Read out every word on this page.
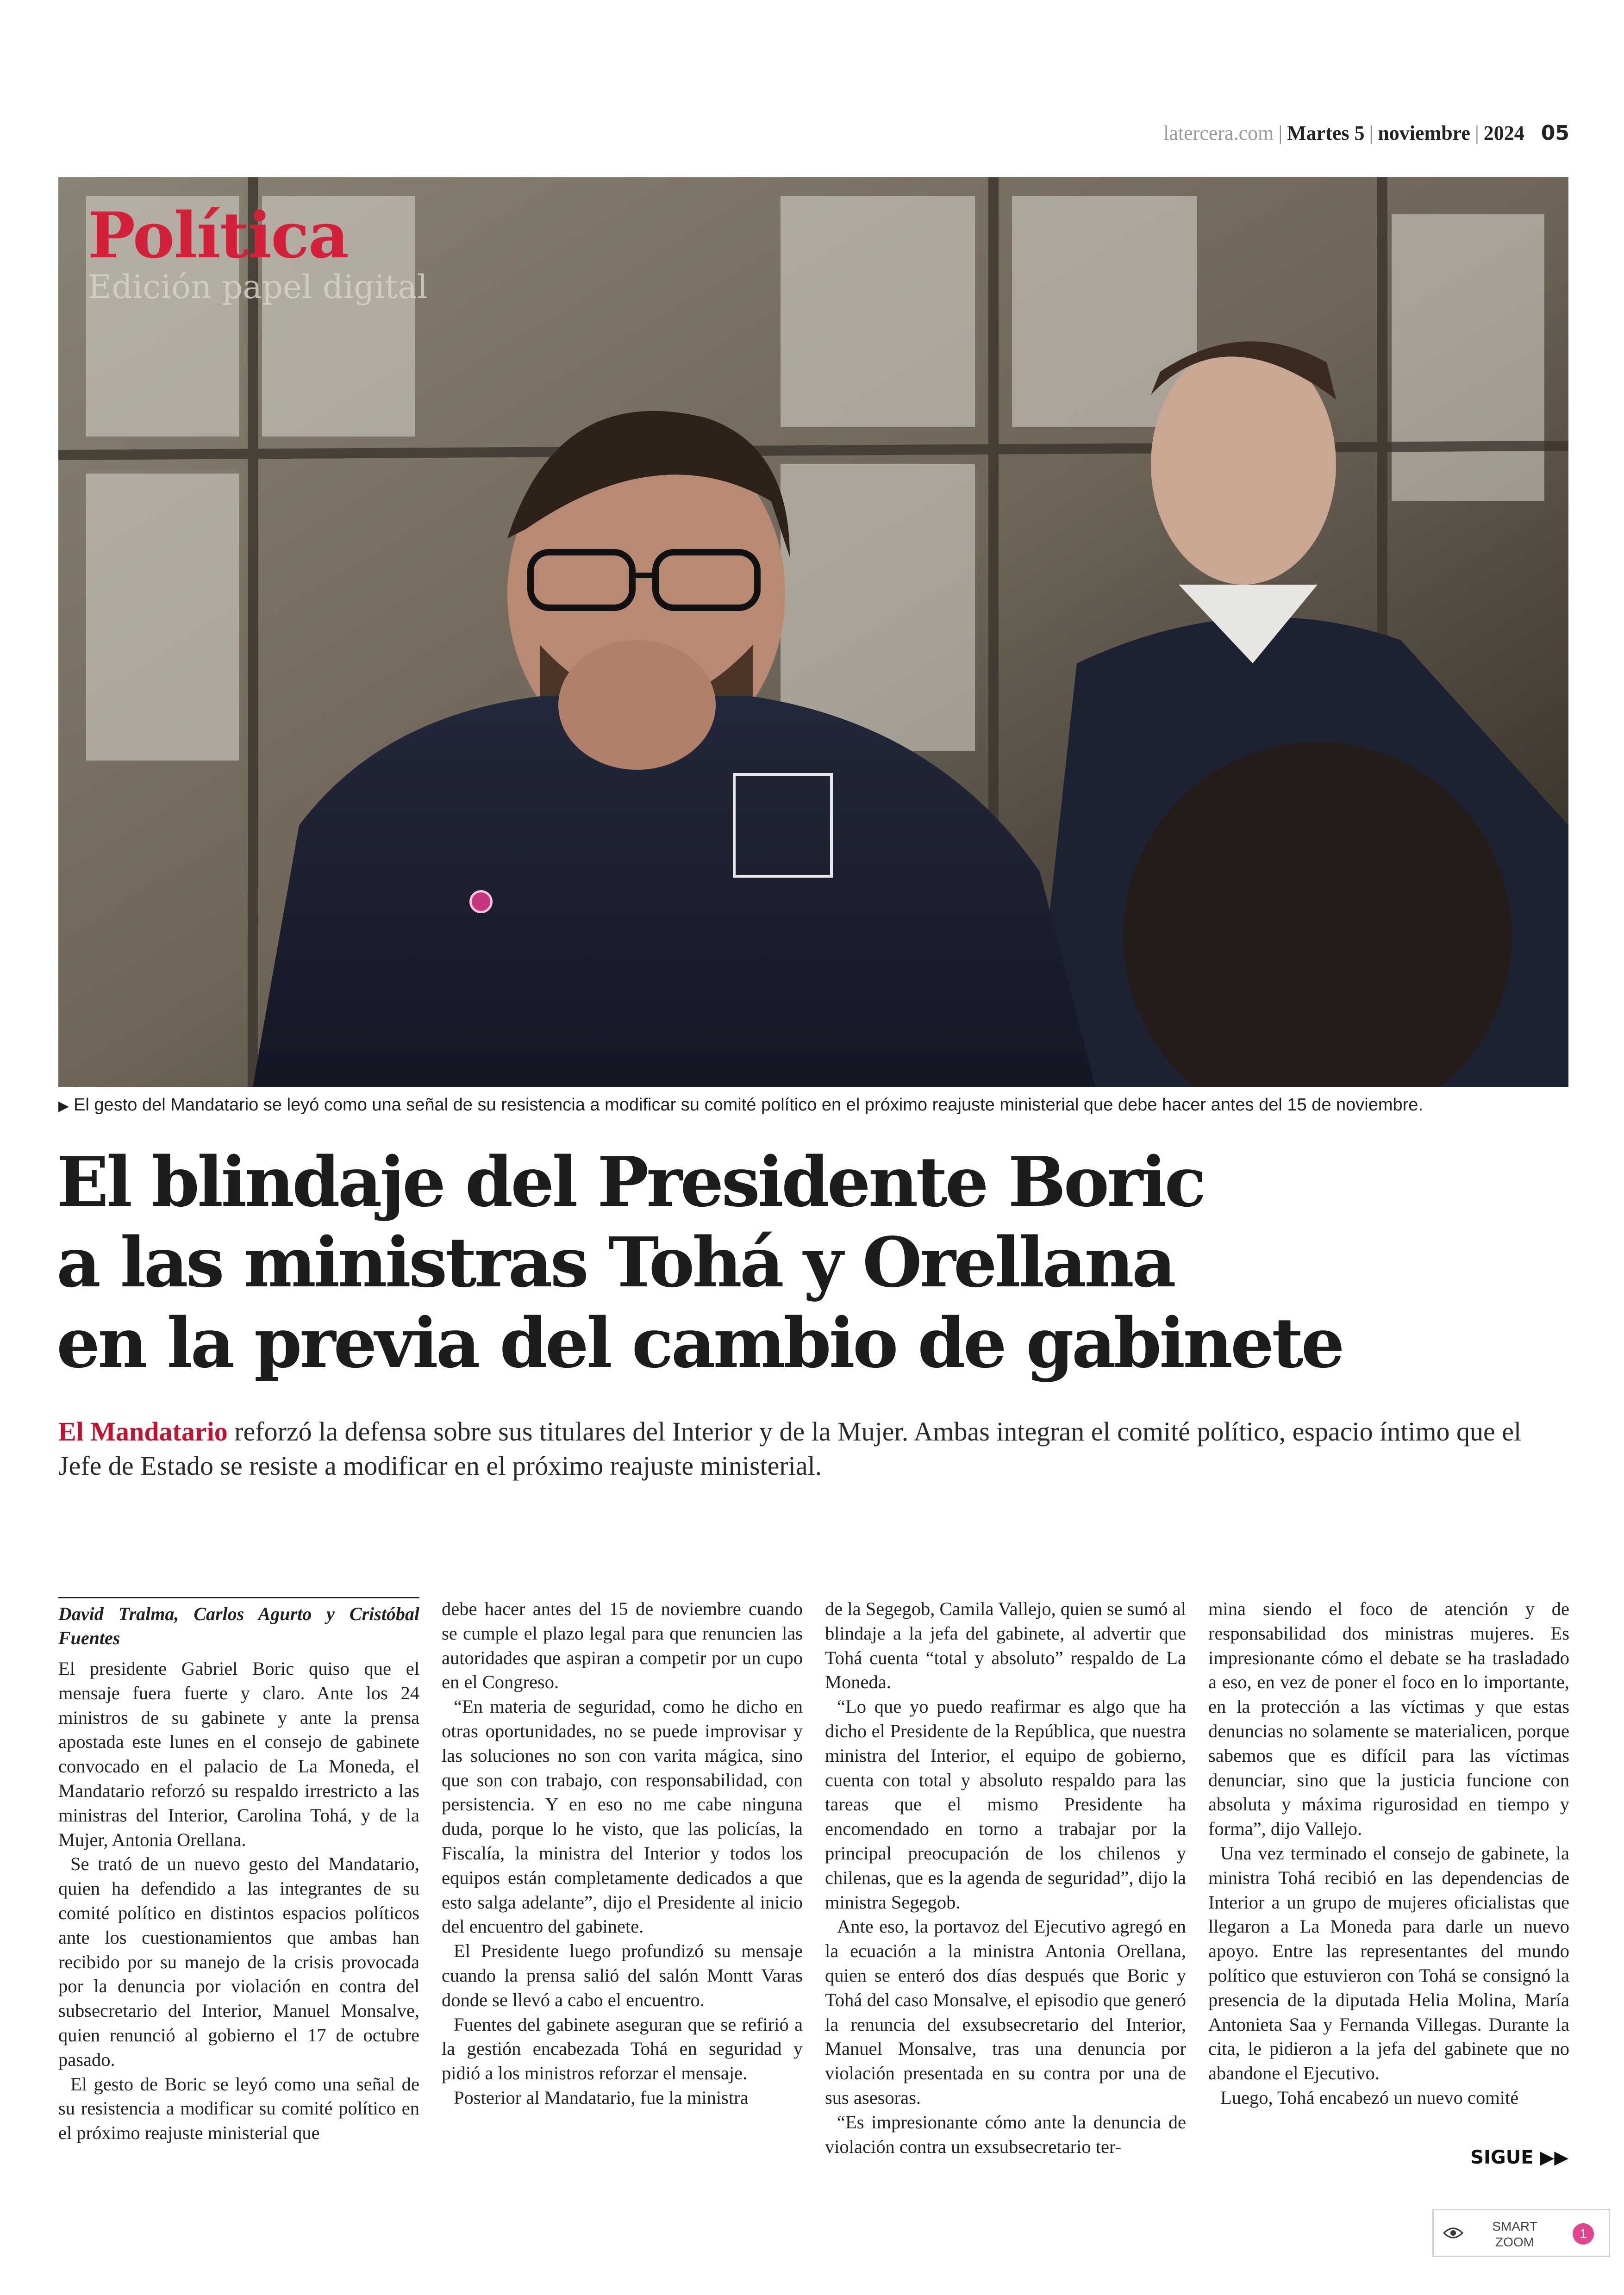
latercera.com | Martes 5 | noviembre | 2024 05
Política
Edición papel digital
▶ El gesto del Mandatario se leyó como una señal de su resistencia a modificar su comité político en el próximo reajuste ministerial que debe hacer antes del 15 de noviembre.
El blindaje del Presidente Boric
a las ministras Tohá y Orellana
en la previa del cambio de gabinete
El Mandatario reforzó la defensa sobre sus titulares del Interior y de la Mujer. Ambas integran el comité político, espacio íntimo que el Jefe de Estado se resiste a modificar en el próximo reajuste ministerial.
David Tralma, Carlos Agurto y Cristóbal Fuentes

El presidente Gabriel Boric quiso que el mensaje fuera fuerte y claro. Ante los 24 ministros de su gabinete y ante la prensa apostada este lunes en el consejo de gabinete convocado en el palacio de La Moneda, el Mandatario reforzó su respaldo irrestricto a las ministras del Interior, Carolina Tohá, y de la Mujer, Antonia Orellana.

Se trató de un nuevo gesto del Mandatario, quien ha defendido a las integrantes de su comité político en distintos espacios políticos ante los cuestionamientos que ambas han recibido por su manejo de la crisis provocada por la denuncia por violación en contra del subsecretario del Interior, Manuel Monsalve, quien renunció al gobierno el 17 de octubre pasado.

El gesto de Boric se leyó como una señal de su resistencia a modificar su comité político en el próximo reajuste ministerial que

debe hacer antes del 15 de noviembre cuando se cumple el plazo legal para que renuncien las autoridades que aspiran a competir por un cupo en el Congreso.

“En materia de seguridad, como he dicho en otras oportunidades, no se puede improvisar y las soluciones no son con varita mágica, sino que son con trabajo, con responsabilidad, con persistencia. Y en eso no me cabe ninguna duda, porque lo he visto, que las policías, la Fiscalía, la ministra del Interior y todos los equipos están completamente dedicados a que esto salga adelante”, dijo el Presidente al inicio del encuentro del gabinete.

El Presidente luego profundizó su mensaje cuando la prensa salió del salón Montt Varas donde se llevó a cabo el encuentro.

Fuentes del gabinete aseguran que se refirió a la gestión encabezada Tohá en seguridad y pidió a los ministros reforzar el mensaje.

Posterior al Mandatario, fue la ministra

de la Segegob, Camila Vallejo, quien se sumó al blindaje a la jefa del gabinete, al advertir que Tohá cuenta “total y absoluto” respaldo de La Moneda.

“Lo que yo puedo reafirmar es algo que ha dicho el Presidente de la República, que nuestra ministra del Interior, el equipo de gobierno, cuenta con total y absoluto respaldo para las tareas que el mismo Presidente ha encomendado en torno a trabajar por la principal preocupación de los chilenos y chilenas, que es la agenda de seguridad”, dijo la ministra Segegob.

Ante eso, la portavoz del Ejecutivo agregó en la ecuación a la ministra Antonia Orellana, quien se enteró dos días después que Boric y Tohá del caso Monsalve, el episodio que generó la renuncia del exsubsecretario del Interior, Manuel Monsalve, tras una denuncia por violación presentada en su contra por una de sus asesoras.

“Es impresionante cómo ante la denuncia de violación contra un exsubsecretario ter-

mina siendo el foco de atención y de responsabilidad dos ministras mujeres. Es impresionante cómo el debate se ha trasladado a eso, en vez de poner el foco en lo importante, en la protección a las víctimas y que estas denuncias no solamente se materialicen, porque sabemos que es difícil para las víctimas denunciar, sino que la justicia funcione con absoluta y máxima rigurosidad en tiempo y forma”, dijo Vallejo.

Una vez terminado el consejo de gabinete, la ministra Tohá recibió en las dependencias de Interior a un grupo de mujeres oficialistas que llegaron a La Moneda para darle un nuevo apoyo. Entre las representantes del mundo político que estuvieron con Tohá se consignó la presencia de la diputada Helia Molina, María Antonieta Saa y Fernanda Villegas. Durante la cita, le pidieron a la jefa del gabinete que no abandone el Ejecutivo.

Luego, Tohá encabezó un nuevo comité

SIGUE ▶▶
SMART
ZOOM
1
